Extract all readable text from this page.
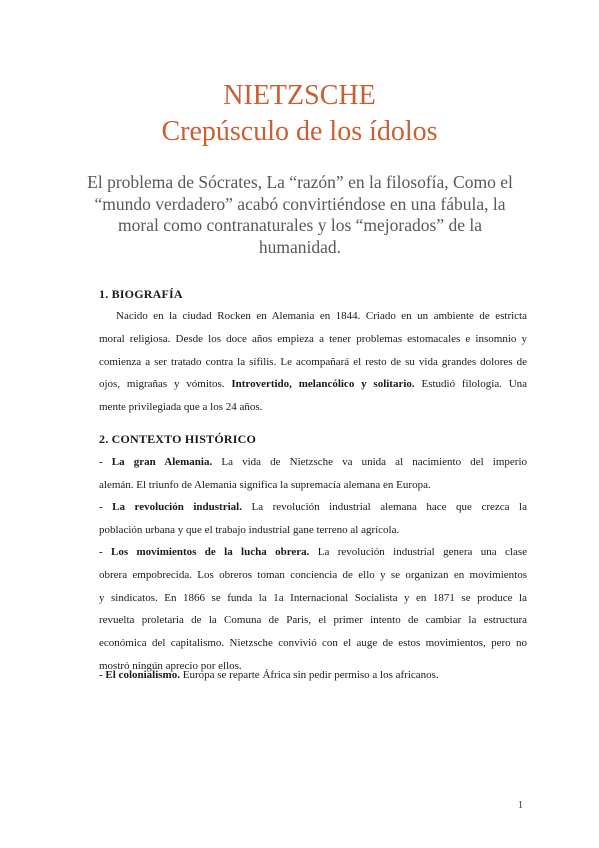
NIETZSCHE
Crepúsculo de los ídolos

El problema de Sócrates, La “razón” en la filosofía, Como el “mundo verdadero” acabó convirtiéndose en una fábula, la moral como contranaturales y los “mejorados” de la humanidad.

1. BIOGRAFÍA
Nacido en la ciudad Rocken en Alemania en 1844. Criado en un ambiente de estricta
moral religiosa. Desde los doce años empieza a tener problemas estomacales e insomnio y
comienza a ser tratado contra la sífilis. Le acompañará el resto de su vida grandes dolores de
ojos, migrañas y vómitos. Introvertido, melancólico y solitario. Estudió filología. Una
mente privilegiada que a los 24 años.
2. CONTEXTO HISTÓRICO
- La gran Alemania. La vida de Nietzsche va unida al nacimiento del imperio
alemán. El triunfo de Alemania significa la supremacía alemana en Europa.
- La revolución industrial. La revolución industrial alemana hace que crezca la
población urbana y que el trabajo industrial gane terreno al agrícola.
- Los movimientos de la lucha obrera. La revolución industrial genera una clase
obrera empobrecida. Los obreros toman conciencia de ello y se organizan en movimientos
y sindicatos. En 1866 se funda la 1a Internacional Socialista y en 1871 se produce la
revuelta proletaria de la Comuna de Paris, el primer intento de cambiar la estructura
económica del capitalismo. Nietzsche convivió con el auge de estos movimientos, pero no
mostró ningún aprecio por ellos.
- El colonialismo. Europa se reparte África sin pedir permiso a los africanos.
1
